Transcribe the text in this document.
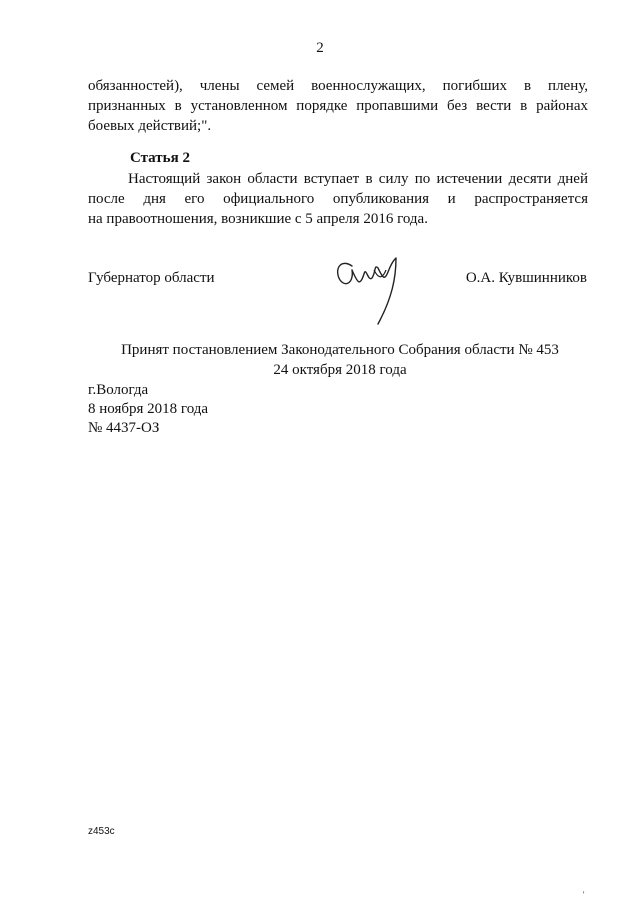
2
обязанностей), члены семей военнослужащих, погибших в плену,
признанных в установленном порядке пропавшими без вести в районах
боевых действий;".
Статья 2
Настоящий закон области вступает в силу по истечении десяти дней
после дня его официального опубликования и распространяется
на правоотношения, возникшие с 5 апреля 2016 года.
Губернатор области	О.А. Кувшинников
Принят постановлением Законодательного Собрания области № 453
24 октября 2018 года
г.Вологда
8 ноября 2018 года
№ 4437-ОЗ
z453c
'
